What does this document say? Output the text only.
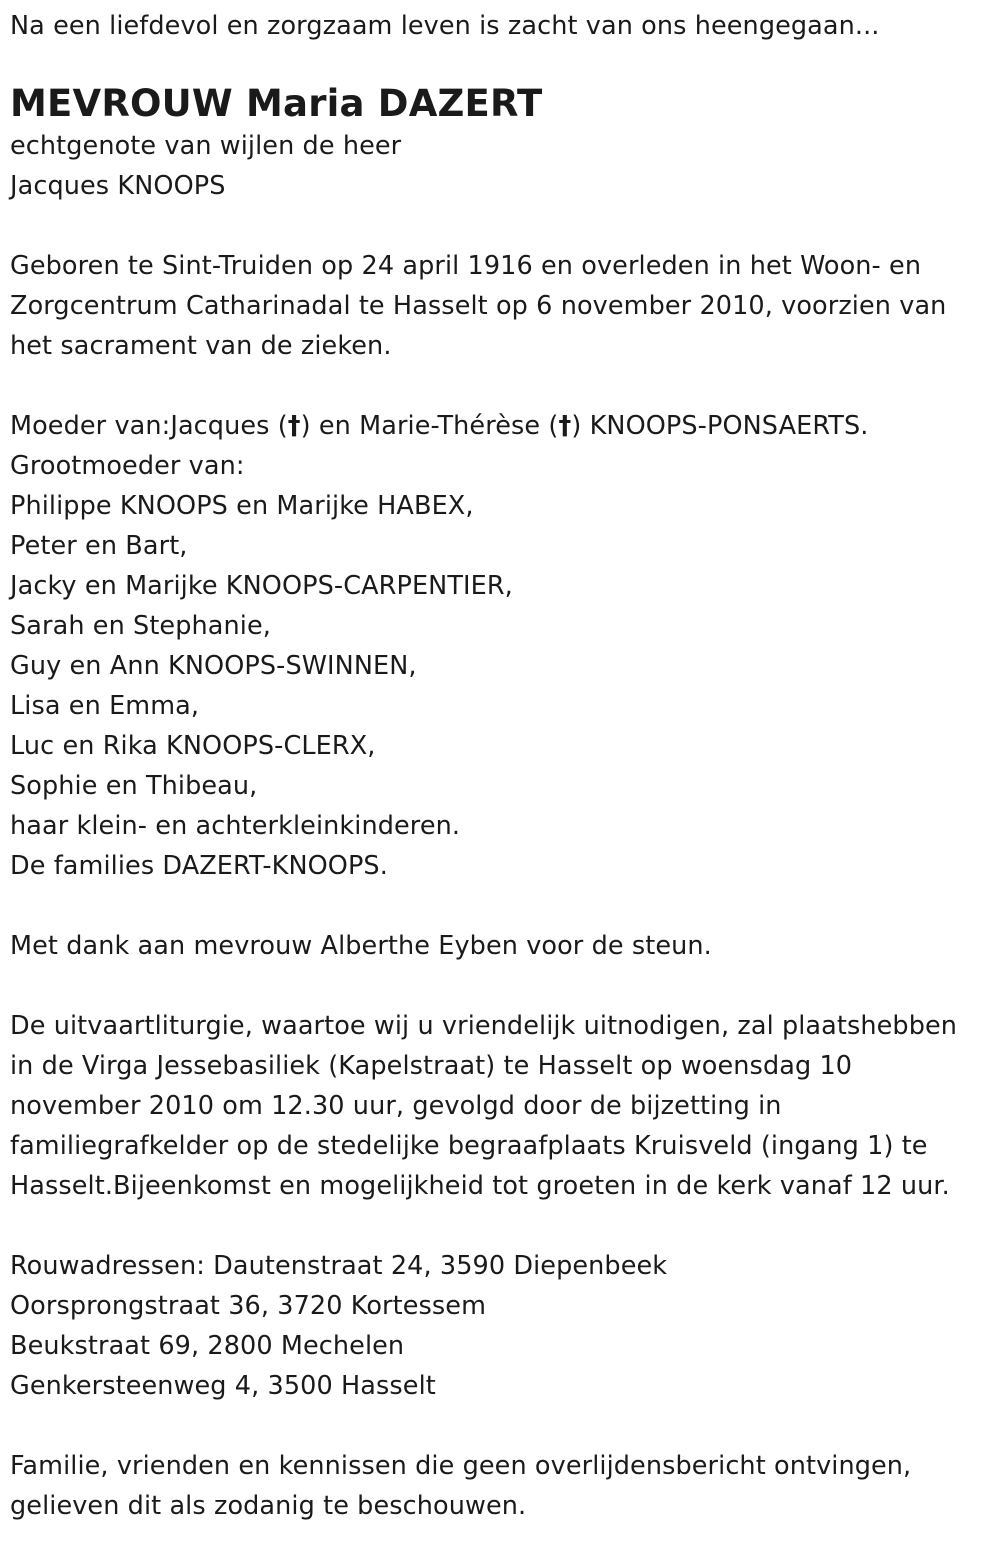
Na een liefdevol en zorgzaam leven is zacht van ons heengegaan...
MEVROUW Maria DAZERT
echtgenote van wijlen de heer
Jacques KNOOPS
Geboren te Sint-Truiden op 24 april 1916 en overleden in het Woon- en
Zorgcentrum Catharinadal te Hasselt op 6 november 2010, voorzien van
het sacrament van de zieken.
Moeder van:Jacques (†) en Marie-Thérèse (†) KNOOPS-PONSAERTS.
Grootmoeder van:
Philippe KNOOPS en Marijke HABEX,
Peter en Bart,
Jacky en Marijke KNOOPS-CARPENTIER,
Sarah en Stephanie,
Guy en Ann KNOOPS-SWINNEN,
Lisa en Emma,
Luc en Rika KNOOPS-CLERX,
Sophie en Thibeau,
haar klein- en achterkleinkinderen.
De families DAZERT-KNOOPS.
Met dank aan mevrouw Alberthe Eyben voor de steun.
De uitvaartliturgie, waartoe wij u vriendelijk uitnodigen, zal plaatshebben
in de Virga Jessebasiliek (Kapelstraat) te Hasselt op woensdag 10
november 2010 om 12.30 uur, gevolgd door de bijzetting in
familiegrafkelder op de stedelijke begraafplaats Kruisveld (ingang 1) te
Hasselt.Bijeenkomst en mogelijkheid tot groeten in de kerk vanaf 12 uur.
Rouwadressen: Dautenstraat 24, 3590 Diepenbeek
Oorsprongstraat 36, 3720 Kortessem
Beukstraat 69, 2800 Mechelen
Genkersteenweg 4, 3500 Hasselt
Familie, vrienden en kennissen die geen overlijdensbericht ontvingen,
gelieven dit als zodanig te beschouwen.
